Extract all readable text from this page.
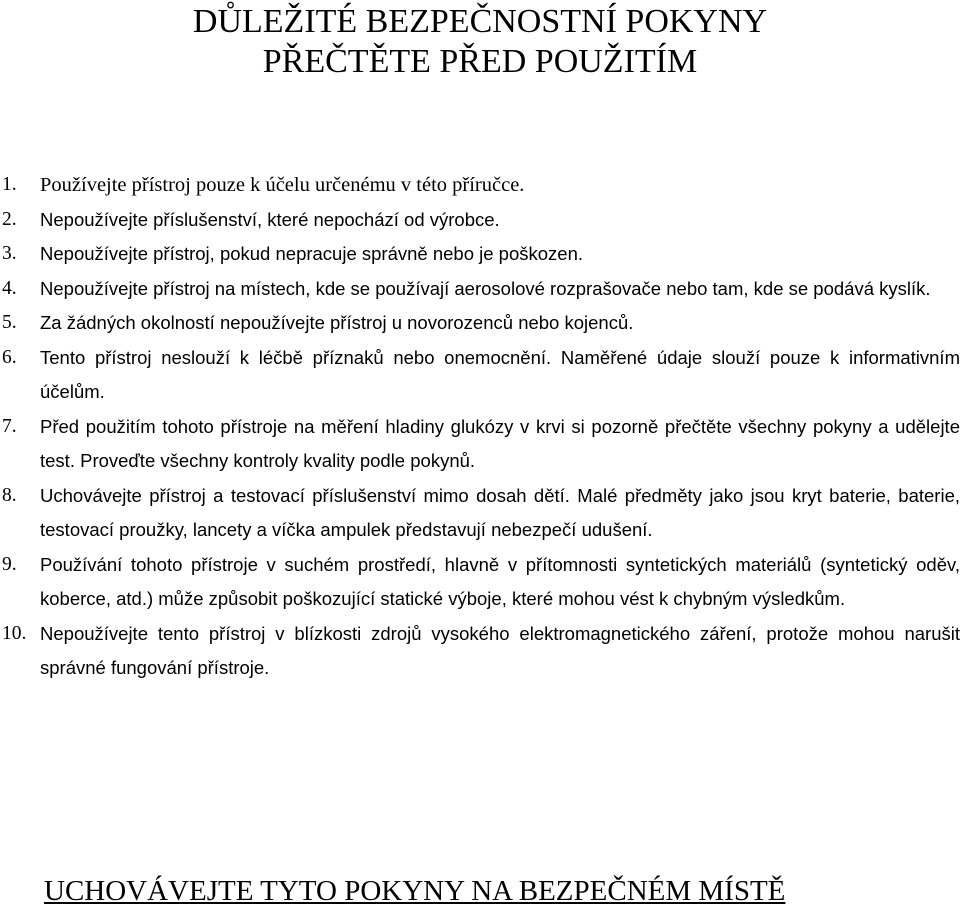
DŮLEŽITÉ BEZPEČNOSTNÍ POKYNY
PŘEČTĚTE PŘED POUŽITÍM
1. Používejte přístroj pouze k účelu určenému v této příručce.
2. Nepoužívejte příslušenství, které nepochází od výrobce.
3. Nepoužívejte přístroj, pokud nepracuje správně nebo je poškozen.
4. Nepoužívejte přístroj na místech, kde se používají aerosolové rozprašovače nebo tam, kde se podává kyslík.
5. Za žádných okolností nepoužívejte přístroj u novorozenců nebo kojenců.
6. Tento přístroj neslouží k léčbě příznaků nebo onemocnění. Naměřené údaje slouží pouze k informativním účelům.
7. Před použitím tohoto přístroje na měření hladiny glukózy v krvi si pozorně přečtěte všechny pokyny a udělejte test. Proveďte všechny kontroly kvality podle pokynů.
8. Uchovávejte přístroj a testovací příslušenství mimo dosah dětí. Malé předměty jako jsou kryt baterie, baterie, testovací proužky, lancety a víčka ampulek představují nebezpečí udušení.
9. Používání tohoto přístroje v suchém prostředí, hlavně v přítomnosti syntetických materiálů (syntetický oděv, koberce, atd.) může způsobit poškozující statické výboje, které mohou vést k chybným výsledkům.
10. Nepoužívejte tento přístroj v blízkosti zdrojů vysokého elektromagnetického záření, protože mohou narušit správné fungování přístroje.

UCHOVÁVEJTE TYTO POKYNY NA BEZPEČNÉM MÍSTĚ
